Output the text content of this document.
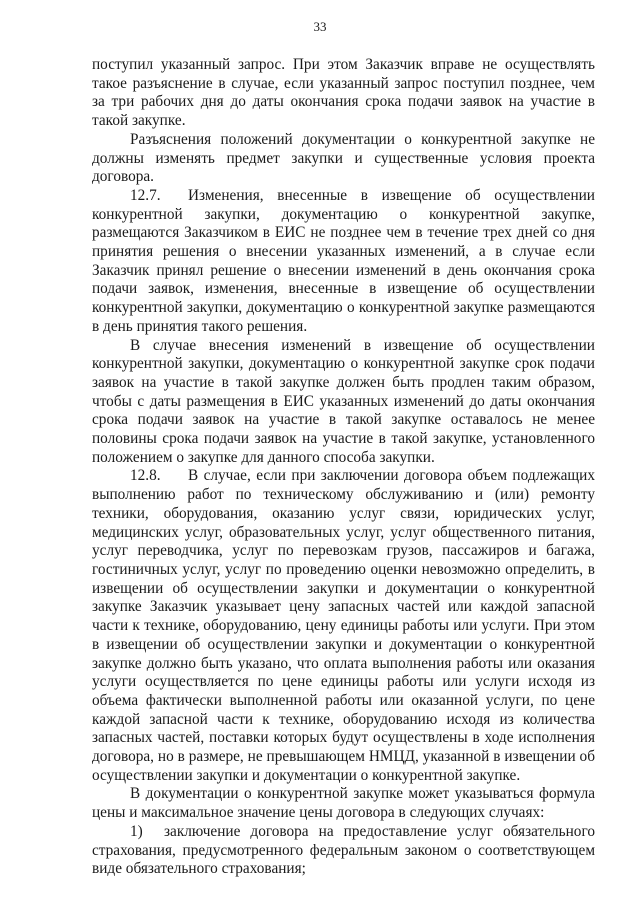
33

поступил указанный запрос. При этом Заказчик вправе не осуществлять такое разъяснение в случае, если указанный запрос поступил позднее, чем за три рабочих дня до даты окончания срока подачи заявок на участие в такой закупке.

Разъяснения положений документации о конкурентной закупке не должны изменять предмет закупки и существенные условия проекта договора.

12.7. Изменения, внесенные в извещение об осуществлении конкурентной закупки, документацию о конкурентной закупке, размещаются Заказчиком в ЕИС не позднее чем в течение трех дней со дня принятия решения о внесении указанных изменений, а в случае если Заказчик принял решение о внесении изменений в день окончания срока подачи заявок, изменения, внесенные в извещение об осуществлении конкурентной закупки, документацию о конкурентной закупке размещаются в день принятия такого решения.

В случае внесения изменений в извещение об осуществлении конкурентной закупки, документацию о конкурентной закупке срок подачи заявок на участие в такой закупке должен быть продлен таким образом, чтобы с даты размещения в ЕИС указанных изменений до даты окончания срока подачи заявок на участие в такой закупке оставалось не менее половины срока подачи заявок на участие в такой закупке, установленного положением о закупке для данного способа закупки.

12.8. В случае, если при заключении договора объем подлежащих выполнению работ по техническому обслуживанию и (или) ремонту техники, оборудования, оказанию услуг связи, юридических услуг, медицинских услуг, образовательных услуг, услуг общественного питания, услуг переводчика, услуг по перевозкам грузов, пассажиров и багажа, гостиничных услуг, услуг по проведению оценки невозможно определить, в извещении об осуществлении закупки и документации о конкурентной закупке Заказчик указывает цену запасных частей или каждой запасной части к технике, оборудованию, цену единицы работы или услуги. При этом в извещении об осуществлении закупки и документации о конкурентной закупке должно быть указано, что оплата выполнения работы или оказания услуги осуществляется по цене единицы работы или услуги исходя из объема фактически выполненной работы или оказанной услуги, по цене каждой запасной части к технике, оборудованию исходя из количества запасных частей, поставки которых будут осуществлены в ходе исполнения договора, но в размере, не превышающем НМЦД, указанной в извещении об осуществлении закупки и документации о конкурентной закупке.

В документации о конкурентной закупке может указываться формула цены и максимальное значение цены договора в следующих случаях:

1) заключение договора на предоставление услуг обязательного страхования, предусмотренного федеральным законом о соответствующем виде обязательного страхования;
